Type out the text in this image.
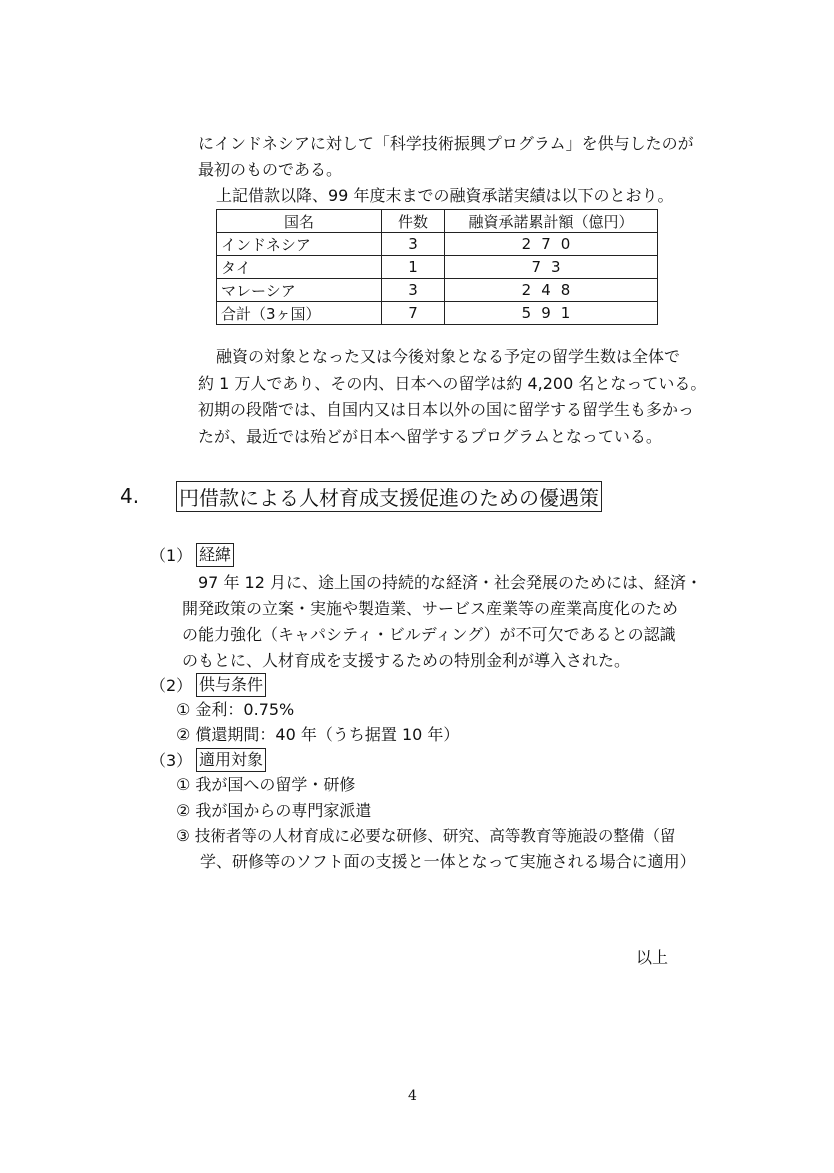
にインドネシアに対して「科学技術振興プログラム」を供与したのが
最初のものである。
上記借款以降、99 年度末までの融資承諾実績は以下のとおり。
国名	件数	融資承諾累計額（億円）
インドネシア	3	270
タイ	1	73
マレーシア	3	248
合計（3ヶ国）	7	591
融資の対象となった又は今後対象となる予定の留学生数は全体で
約 1 万人であり、その内、日本への留学は約 4,200 名となっている。
初期の段階では、自国内又は日本以外の国に留学する留学生も多かっ
たが、最近では殆どが日本へ留学するプログラムとなっている。
4. 円借款による人材育成支援促進のための優遇策
（1） 経緯
97 年 12 月に、途上国の持続的な経済・社会発展のためには、経済・
開発政策の立案・実施や製造業、サービス産業等の産業高度化のため
の能力強化（キャパシティ・ビルディング）が不可欠であるとの認識
のもとに、人材育成を支援するための特別金利が導入された。
（2） 供与条件
① 金利：0.75%
② 償還期間：40 年（うち据置 10 年）
（3） 適用対象
① 我が国への留学・研修
② 我が国からの専門家派遣
③ 技術者等の人材育成に必要な研修、研究、高等教育等施設の整備（留
学、研修等のソフト面の支援と一体となって実施される場合に適用）
以上
4
